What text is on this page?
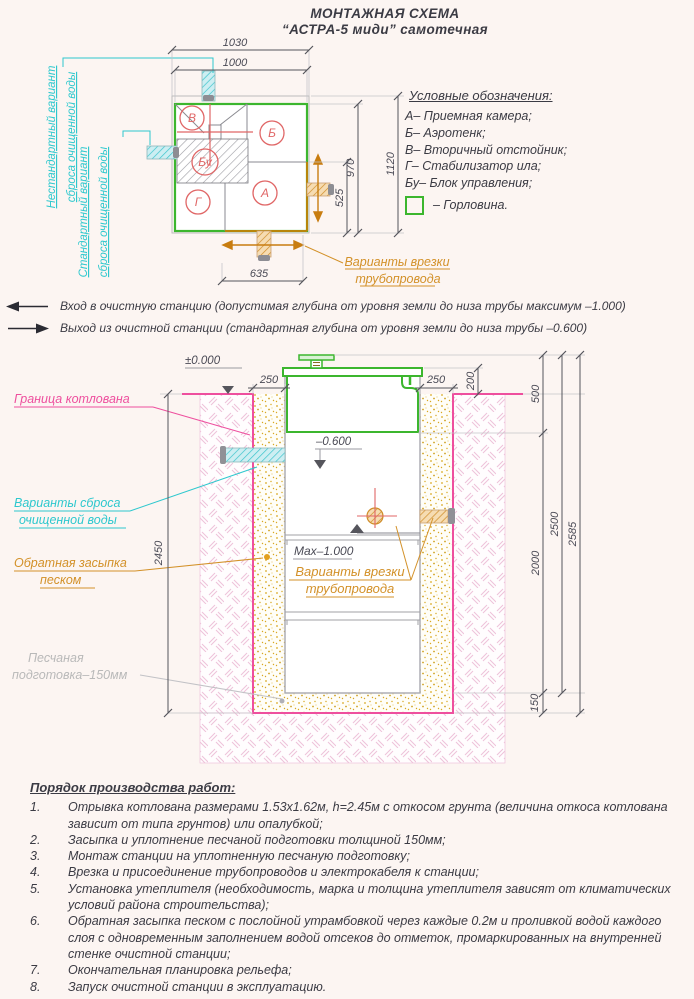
МОНТАЖНАЯ СХЕМА
“АСТРА-5 миди” самотечная
В
Б
Бу
Г
А
Нестандартный вариант сброса очищенной воды
Стандартный вариант сброса очищенной воды	Варианты врезки
трубопровода
1030
1000
1120
970
525
635
Условные обозначения:
А– Приемная камера;
Б– Аэротенк;
В– Вторичный отстойник;
Г– Стабилизатор ила;
Бу– Блок управления;
– Горловина.
Вход в очистную станцию (допустимая глубина от уровня земли до низа трубы максимум –1.000)
Выход из очистной станции (стандартная глубина от уровня земли до низа трубы –0.600)
–0.600
Max–1.000
Варианты врезки
трубопровода
Граница котлована
Варианты сброса
очищенной воды
Обратная засыпка
песком
Песчаная
подготовка–150мм
±0.000
250	250 200
500
2000
150
2500 2585
2450
Порядок производства работ:
1.	Отрывка котлована размерами 1.53х1.62м, h=2.45м с откосом грунта (величина откоса котлована зависит от типа грунтов) или опалубкой;
2.	Засыпка и уплотнение песчаной подготовки толщиной 150мм;
3.	Монтаж станции на уплотненную песчаную подготовку;
4.	Врезка и присоединение трубопроводов и электрокабеля к станции;
5.	Установка утеплителя (необходимость, марка и толщина утеплителя зависят от климатических условий района строительства);
6.	Обратная засыпка песком с послойной утрамбовкой через каждые 0.2м и проливкой водой каждого слоя с одновременным заполнением водой отсеков до отметок, промаркированных на внутренней стенке очистной станции;
7.	Окончательная планировка рельефа;
8.	Запуск очистной станции в эксплуатацию.
